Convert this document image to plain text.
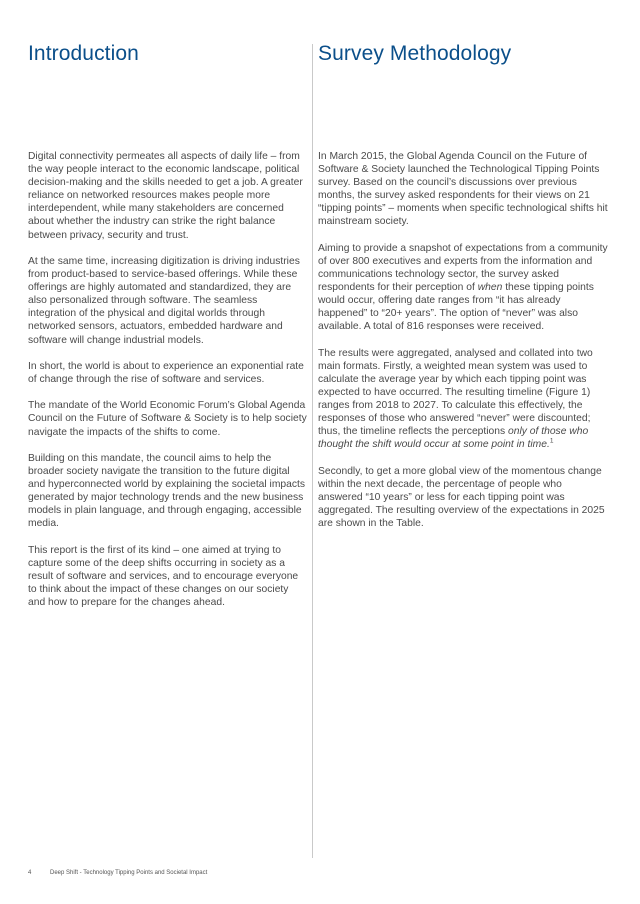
Introduction

Digital connectivity permeates all aspects of daily life – from the way people interact to the economic landscape, political decision-making and the skills needed to get a job. A greater reliance on networked resources makes people more interdependent, while many stakeholders are concerned about whether the industry can strike the right balance between privacy, security and trust.

At the same time, increasing digitization is driving industries from product-based to service-based offerings. While these offerings are highly automated and standardized, they are also personalized through software. The seamless integration of the physical and digital worlds through networked sensors, actuators, embedded hardware and software will change industrial models.

In short, the world is about to experience an exponential rate of change through the rise of software and services.

The mandate of the World Economic Forum’s Global Agenda Council on the Future of Software & Society is to help society navigate the impacts of the shifts to come.

Building on this mandate, the council aims to help the broader society navigate the transition to the future digital and hyperconnected world by explaining the societal impacts generated by major technology trends and the new business models in plain language, and through engaging, accessible media.

This report is the first of its kind – one aimed at trying to capture some of the deep shifts occurring in society as a result of software and services, and to encourage everyone to think about the impact of these changes on our society and how to prepare for the changes ahead.

Survey Methodology

In March 2015, the Global Agenda Council on the Future of Software & Society launched the Technological Tipping Points survey. Based on the council’s discussions over previous months, the survey asked respondents for their views on 21 “tipping points” – moments when specific technological shifts hit mainstream society.

Aiming to provide a snapshot of expectations from a community of over 800 executives and experts from the information and communications technology sector, the survey asked respondents for their perception of when these tipping points would occur, offering date ranges from “it has already happened” to “20+ years”. The option of “never” was also available. A total of 816 responses were received.

The results were aggregated, analysed and collated into two main formats. Firstly, a weighted mean system was used to calculate the average year by which each tipping point was expected to have occurred. The resulting timeline (Figure 1) ranges from 2018 to 2027. To calculate this effectively, the responses of those who answered “never” were discounted; thus, the timeline reflects the perceptions only of those who thought the shift would occur at some point in time.$^1$

Secondly, to get a more global view of the momentous change within the next decade, the percentage of people who answered “10 years” or less for each tipping point was aggregated. The resulting overview of the expectations in 2025 are shown in the Table.

4	Deep Shift - Technology Tipping Points and Societal Impact
